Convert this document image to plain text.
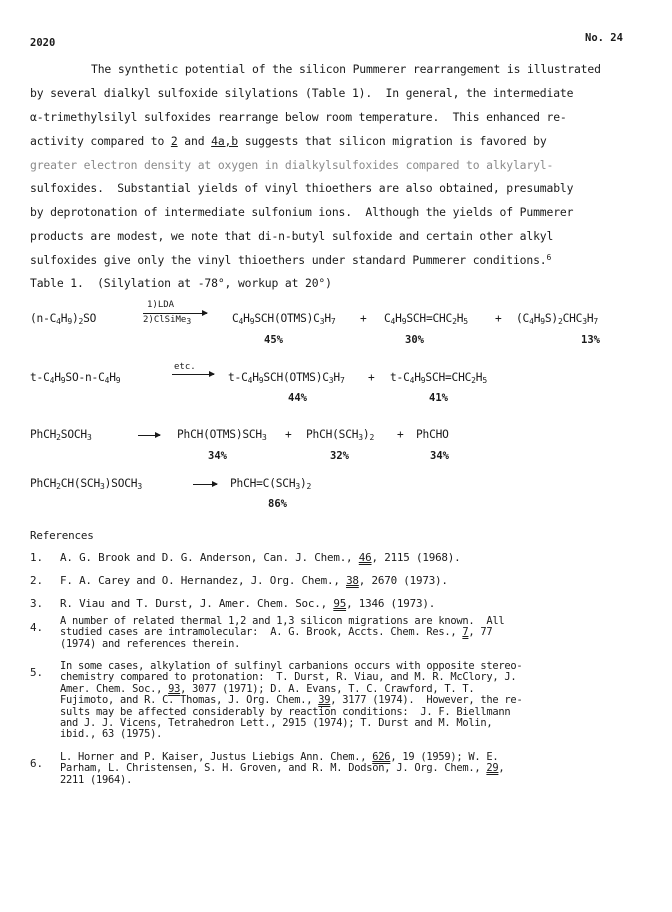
2020	No. 24
The synthetic potential of the silicon Pummerer rearrangement is illustrated
by several dialkyl sulfoxide silylations (Table 1).  In general, the intermediate
α-trimethylsilyl sulfoxides rearrange below room temperature.  This enhanced re-
activity compared to 2 and 4a,b suggests that silicon migration is favored by
greater electron density at oxygen in dialkylsulfoxides compared to alkylaryl-
sulfoxides.  Substantial yields of vinyl thioethers are also obtained, presumably
by deprotonation of intermediate sulfonium ions.  Although the yields of Pummerer
products are modest, we note that di-n-butyl sulfoxide and certain other alkyl
sulfoxides give only the vinyl thioethers under standard Pummerer conditions.$^6$
Table 1.  (Silylation at -78°, workup at 20°)
$(n-C_4H_9)_2SO$
1)LDA
2)ClSiMe$_3$	$C_4H_9SCH(OTMS)C_3H_7 + C_4H_9SCH=CHC_2H_5 + (C_4H_9S)_2CHC_3H_7$
45%	30%	13%
$t-C_4H_9SO-n-C_4H_9$
etc.
$t-C_4H_9SCH(OTMS)C_3H_7 + t-C_4H_9SCH=CHC_2H_5$
44%	41%
$PhCH_2SOCH_3$	$PhCH(OTMS)SCH_3$ + $PhCH(SCH_3)_2$ + PhCHO
34%	32%	34%
$PhCH_2CH(SCH_3)SOCH_3$	$PhCH=C(SCH_3)_2$
86%
References
1. A. G. Brook and D. G. Anderson, Can. J. Chem., 46, 2115 (1968).
2. F. A. Carey and O. Hernandez, J. Org. Chem., 38, 2670 (1973).
3. R. Viau and T. Durst, J. Amer. Chem. Soc., 95, 1346 (1973).
4. A number of related thermal 1,2 and 1,3 silicon migrations are known.  All
studied cases are intramolecular:  A. G. Brook, Accts. Chem. Res., 7, 77
(1974) and references therein.
5. In some cases, alkylation of sulfinyl carbanions occurs with opposite stereo-
chemistry compared to protonation:  T. Durst, R. Viau, and M. R. McClory, J.
Amer. Chem. Soc., 93, 3077 (1971); D. A. Evans, T. C. Crawford, T. T.
Fujimoto, and R. C. Thomas, J. Org. Chem., 39, 3177 (1974).  However, the re-
sults may be affected considerably by reaction conditions:  J. F. Biellmann
and J. J. Vicens, Tetrahedron Lett., 2915 (1974); T. Durst and M. Molin,
ibid., 63 (1975).
6. L. Horner and P. Kaiser, Justus Liebigs Ann. Chem., 626, 19 (1959); W. E.
Parham, L. Christensen, S. H. Groven, and R. M. Dodson, J. Org. Chem., 29,
2211 (1964).
